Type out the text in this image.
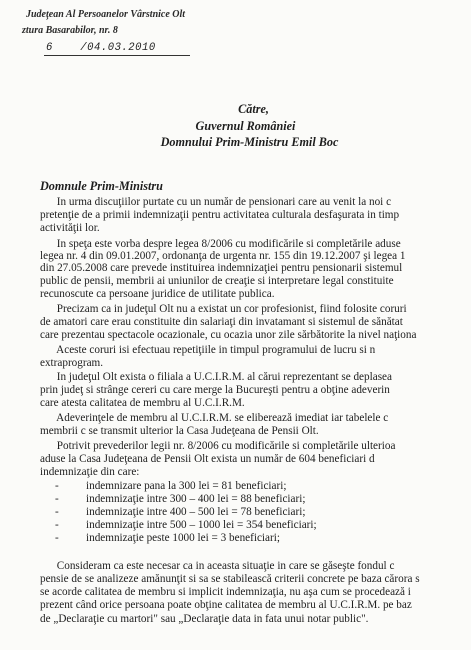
Judeţean Al Persoanelor Vârstnice Olt
ztura Basarabilor, nr. 8
6    /04.03.2010
Către,
Guvernul României
Domnului Prim-Ministru Emil Boc
Domnule Prim-Ministru
In urma discuţiilor purtate cu un număr de pensionari care au venit la noi c
pretenţie de a primii indemnizaţii pentru activitatea culturala desfaşurata in timp
activităţii lor.
In speţa este vorba despre legea 8/2006 cu modificările si completările aduse
legea nr. 4 din 09.01.2007, ordonanţa de urgenta nr. 155 din 19.12.2007 şi legea 1
din 27.05.2008 care prevede instituirea indemnizaţiei pentru pensionarii sistemul
public de pensii, membrii ai uniunilor de creaţie si interpretare legal constituite
recunoscute ca persoane juridice de utilitate publica.
Precizam ca in judeţul Olt nu a existat un cor profesionist, fiind folosite coruri
de amatori care erau constituite din salariaţi din invatamant si sistemul de sănătat
care prezentau spectacole ocazionale, cu ocazia unor zile sărbătorite la nivel naţiona
Aceste coruri isi efectuau repetiţiile in timpul programului de lucru si n
extraprogram.
In judeţul Olt exista o filiala a U.C.I.R.M. al cărui reprezentant se deplasea
prin judeţ si strânge cereri cu care merge la Bucureşti pentru a obţine adeverin
care atesta calitatea de membru al U.C.I.R.M.
Adeverinţele de membru al U.C.I.R.M. se eliberează imediat iar tabelele c
membrii c se transmit ulterior la Casa Judeţeana de Pensii Olt.
Potrivit prevederilor legii nr. 8/2006 cu modificările si completările ulterioa
aduse la Casa Judeţeana de Pensii Olt exista un număr de 604 beneficiari d
indemnizaţie din care:
- indemnizare pana la 300 lei = 81 beneficiari;
- indemnizaţie intre 300 – 400 lei = 88 beneficiari;
- indemnizaţie intre 400 – 500 lei = 78 beneficiari;
- indemnizaţie intre 500 – 1000 lei = 354 beneficiari;
- indemnizaţie peste 1000 lei = 3 beneficiari;
Consideram ca este necesar ca in aceasta situaţie in care se găseşte fondul c
pensie de se analizeze amănunţit si sa se stabilească criterii concrete pe baza cărora s
se acorde calitatea de membru si implicit indemnizaţia, nu aşa cum se procedează i
prezent când orice persoana poate obţine calitatea de membru al U.C.I.R.M. pe baz
de „Declaraţie cu martori" sau „Declaraţie data in fata unui notar public".
